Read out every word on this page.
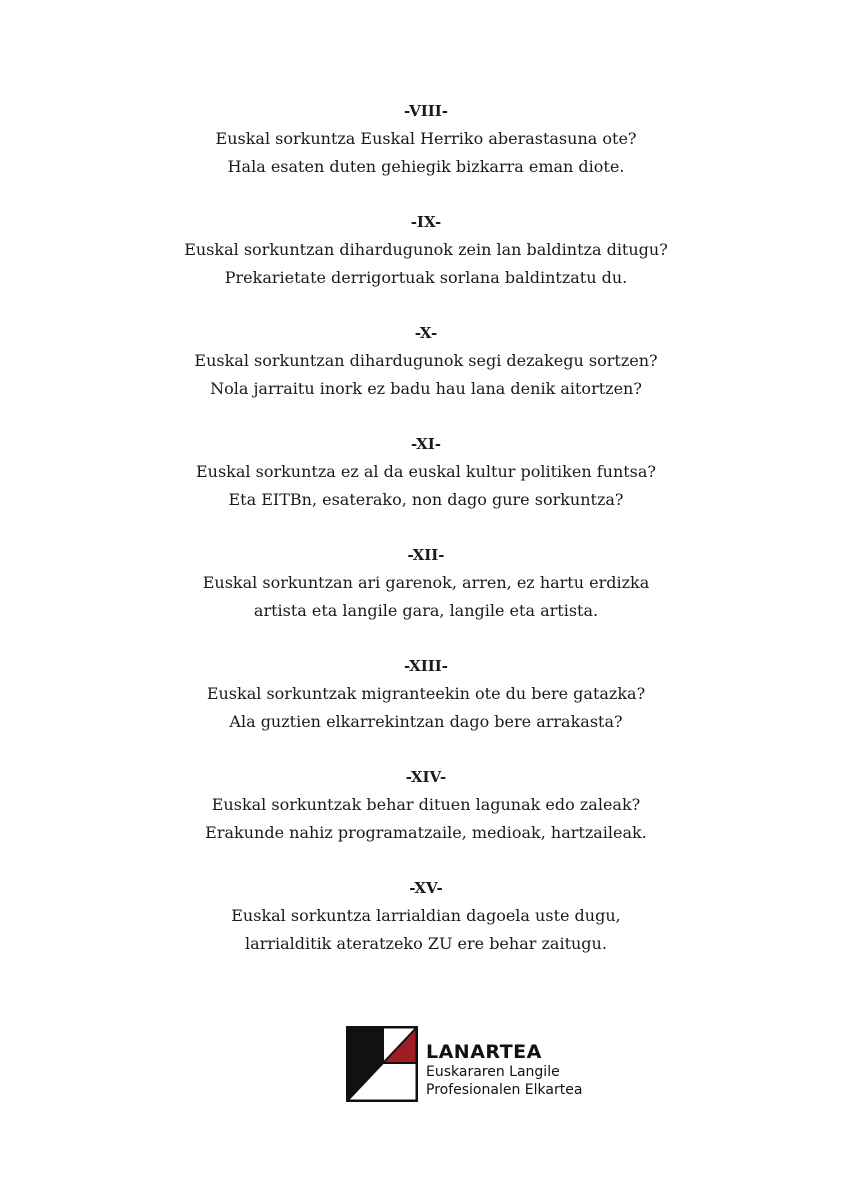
-VIII-
Euskal sorkuntza Euskal Herriko aberastasuna ote?
Hala esaten duten gehiegik bizkarra eman diote.
-IX-
Euskal sorkuntzan dihardugunok zein lan baldintza ditugu?
Prekarietate derrigortuak sorlana baldintzatu du.
-X-
Euskal sorkuntzan dihardugunok segi dezakegu sortzen?
Nola jarraitu inork ez badu hau lana denik aitortzen?
-XI-
Euskal sorkuntza ez al da euskal kultur politiken funtsa?
Eta EITBn, esaterako, non dago gure sorkuntza?
-XII-
Euskal sorkuntzan ari garenok, arren, ez hartu erdizka
artista eta langile gara, langile eta artista.
-XIII-
Euskal sorkuntzak migranteekin ote du bere gatazka?
Ala guztien elkarrekintzan dago bere arrakasta?
-XIV-
Euskal sorkuntzak behar dituen lagunak edo zaleak?
Erakunde nahiz programatzaile, medioak, hartzaileak.
-XV-
Euskal sorkuntza larrialdian dagoela uste dugu,
larrialditik ateratzeko ZU ere behar zaitugu.
LANARTEA
Euskararen Langile
Profesionalen Elkartea
